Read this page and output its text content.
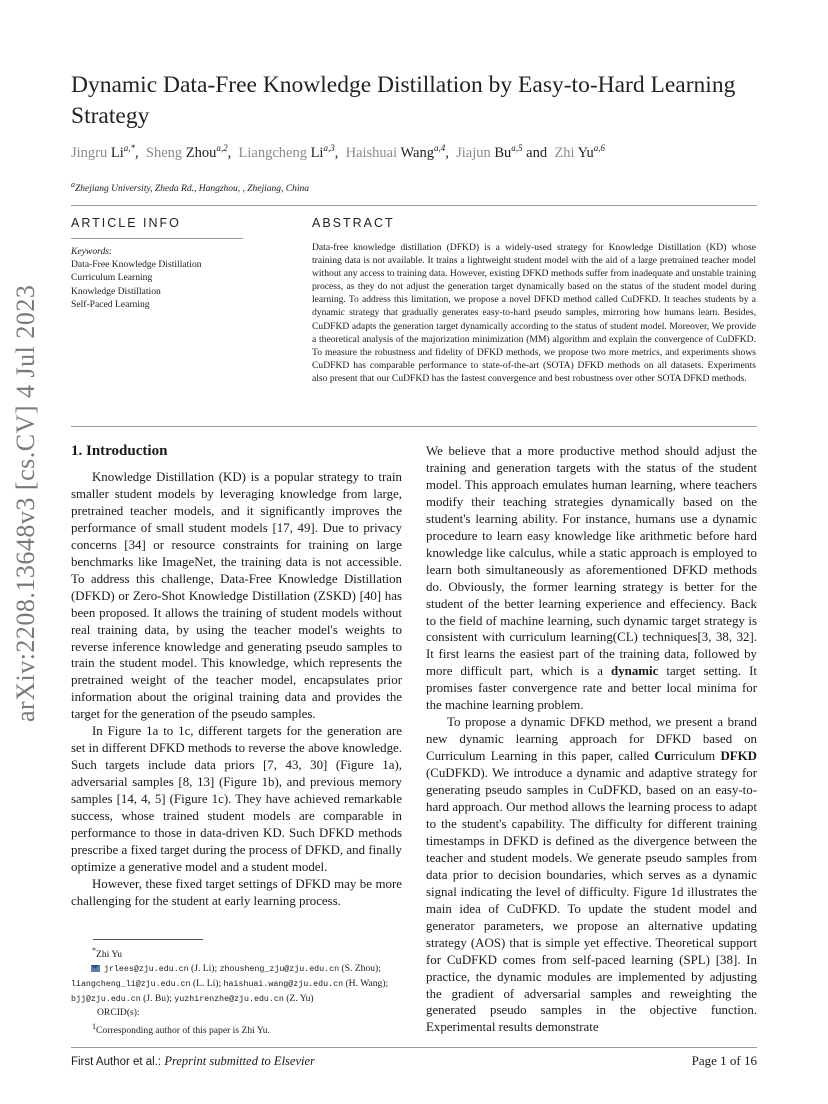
arXiv:2208.13648v3 [cs.CV] 4 Jul 2023
Dynamic Data-Free Knowledge Distillation by Easy-to-Hard Learning Strategy
Jingru $Li^{a,*}$,  Sheng Zhou$^{a,2}$,  Liangcheng Li$^{a,3}$,  Haishuai Wang$^{a,4}$,  Jiajun Bu$^{a,5}$ and Zhi Yu$^{a,6}$
$^a$Zhejiang University, Zheda Rd., Hangzhou, , Zhejiang, China
ARTICLE INFO
Keywords:
Data-Free Knowledge Distillation
Curriculum Learning
Knowledge Distillation
Self-Paced Learning
ABSTRACT
Data-free knowledge distillation (DFKD) is a widely-used strategy for Knowledge Distillation (KD) whose training data is not available. It trains a lightweight student model with the aid of a large pretrained teacher model without any access to training data. However, existing DFKD methods suffer from inadequate and unstable training process, as they do not adjust the generation target dynamically based on the status of the student model during learning. To address this limitation, we propose a novel DFKD method called CuDFKD. It teaches students by a dynamic strategy that gradually generates easy-to-hard pseudo samples, mirroring how humans learn. Besides, CuDFKD adapts the generation target dynamically according to the status of student model. Moreover, We provide a theoretical analysis of the majorization minimization (MM) algorithm and explain the convergence of CuDFKD. To measure the robustness and fidelity of DFKD methods, we propose two more metrics, and experiments shows CuDFKD has comparable performance to state-of-the-art (SOTA) DFKD methods on all datasets. Experiments also present that our CuDFKD has the fastest convergence and best robustness over other SOTA DFKD methods.
1. Introduction

Knowledge Distillation (KD) is a popular strategy to train smaller student models by leveraging knowledge from large, pretrained teacher models, and it significantly improves the performance of small student models [17, 49]. Due to privacy concerns [34] or resource constraints for training on large benchmarks like ImageNet, the training data is not accessible. To address this challenge, Data-Free Knowledge Distillation (DFKD) or Zero-Shot Knowledge Distillation (ZSKD) [40] has been proposed. It allows the training of student models without real training data, by using the teacher model's weights to reverse inference knowledge and generating pseudo samples to train the student model. This knowledge, which represents the pretrained weight of the teacher model, encapsulates prior information about the original training data and provides the target for the generation of the pseudo samples.

In Figure 1a to 1c, different targets for the generation are set in different DFKD methods to reverse the above knowledge. Such targets include data priors [7, 43, 30] (Figure 1a), adversarial samples [8, 13] (Figure 1b), and previous memory samples [14, 4, 5] (Figure 1c). They have achieved remarkable success, whose trained student models are comparable in performance to those in data-driven KD. Such DFKD methods prescribe a fixed target during the process of DFKD, and finally optimize a generative model and a student model.

However, these fixed target settings of DFKD may be more challenging for the student at early learning process.

We believe that a more productive method should adjust the training and generation targets with the status of the student model. This approach emulates human learning, where teachers modify their teaching strategies dynamically based on the student's learning ability. For instance, humans use a dynamic procedure to learn easy knowledge like arithmetic before hard knowledge like calculus, while a static approach is employed to learn both simultaneously as aforementioned DFKD methods do. Obviously, the former learning strategy is better for the student of the better learning experience and effeciency. Back to the field of machine learning, such dynamic target strategy is consistent with curriculum learning(CL) techniques[3, 38, 32]. It first learns the easiest part of the training data, followed by more difficult part, which is a dynamic target setting. It promises faster convergence rate and better local minima for the machine learning problem.

To propose a dynamic DFKD method, we present a brand new dynamic learning approach for DFKD based on Curriculum Learning in this paper, called Curriculum DFKD (CuDFKD). We introduce a dynamic and adaptive strategy for generating pseudo samples in CuDFKD, based on an easy-to-hard approach. Our method allows the learning process to adapt to the student's capability. The difficulty for different training timestamps in DFKD is defined as the divergence between the teacher and student models. We generate pseudo samples from data prior to decision boundaries, which serves as a dynamic signal indicating the level of difficulty. Figure 1d illustrates the main idea of CuDFKD. To update the student model and generator parameters, we propose an alternative updating strategy (AOS) that is simple yet effective. Theoretical support for CuDFKD comes from self-paced learning (SPL) [38]. In practice, the dynamic modules are implemented by adjusting the gradient of adversarial samples and reweighting the generated pseudo samples in the objective function. Experimental results demonstrate

*Zhi Yu
jrlees@zju.edu.cn (J. Li); zhousheng_zju@zju.edu.cn (S. Zhou);
liangcheng_li@zju.edu.cn (L. Li); haishuai.wang@zju.edu.cn (H. Wang);
bjj@zju.edu.cn (J. Bu); yuzhirenzhe@zju.edu.cn (Z. Yu)
ORCID(s):
$^1$Corresponding author of this paper is Zhi Yu.
First Author et al.: Preprint submitted to Elsevier	Page 1 of 16
